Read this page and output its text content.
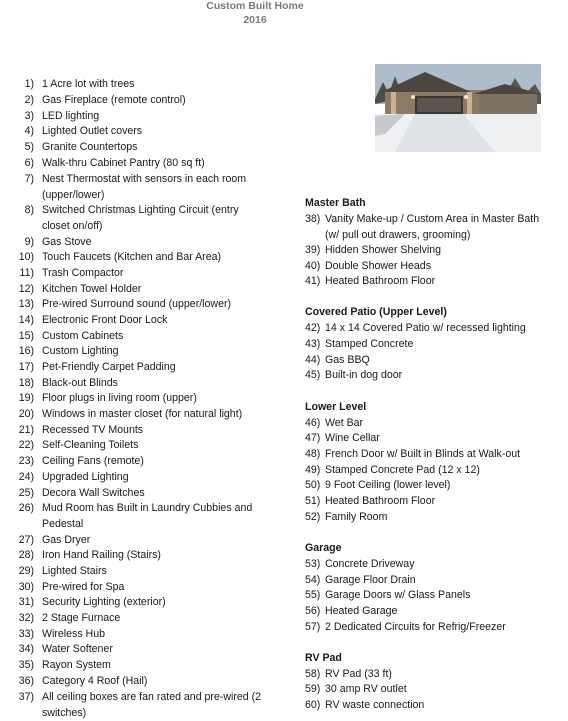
Custom Built Home
2016
1) 1 Acre lot with trees
2) Gas Fireplace (remote control)
3) LED lighting
4) Lighted Outlet covers
5) Granite Countertops
6) Walk-thru Cabinet Pantry (80 sq ft)
7) Nest Thermostat with sensors in each room (upper/lower)
8) Switched Christmas Lighting Circuit (entry closet on/off)
9) Gas Stove
10) Touch Faucets (Kitchen and Bar Area)
11) Trash Compactor
12) Kitchen Towel Holder
13) Pre-wired Surround sound (upper/lower)
14) Electronic Front Door Lock
15) Custom Cabinets
16) Custom Lighting
17) Pet-Friendly Carpet Padding
18) Black-out Blinds
19) Floor plugs in living room (upper)
20) Windows in master closet (for natural light)
21) Recessed TV Mounts
22) Self-Cleaning Toilets
23) Ceiling Fans (remote)
24) Upgraded Lighting
25) Decora Wall Switches
26) Mud Room has Built in Laundry Cubbies and Pedestal
27) Gas Dryer
28) Iron Hand Railing (Stairs)
29) Lighted Stairs
30) Pre-wired for Spa
31) Security Lighting (exterior)
32) 2 Stage Furnace
33) Wireless Hub
34) Water Softener
35) Rayon System
36) Category 4 Roof (Hail)
37) All ceiling boxes are fan rated and pre-wired (2 switches)
Master Bath
38) Vanity Make-up / Custom Area in Master Bath (w/ pull out drawers, grooming)
39) Hidden Shower Shelving
40) Double Shower Heads
41) Heated Bathroom Floor
Covered Patio (Upper Level)
42) 14 x 14 Covered Patio w/ recessed lighting
43) Stamped Concrete
44) Gas BBQ
45) Built-in dog door
Lower Level
46) Wet Bar
47) Wine Cellar
48) French Door w/ Built in Blinds at Walk-out
49) Stamped Concrete Pad (12 x 12)
50) 9 Foot Ceiling (lower level)
51) Heated Bathroom Floor
52) Family Room
Garage
53) Concrete Driveway
54) Garage Floor Drain
55) Garage Doors w/ Glass Panels
56) Heated Garage
57) 2 Dedicated Circuits for Refrig/Freezer
RV Pad
58) RV Pad (33 ft)
59) 30 amp RV outlet
60) RV waste connection
